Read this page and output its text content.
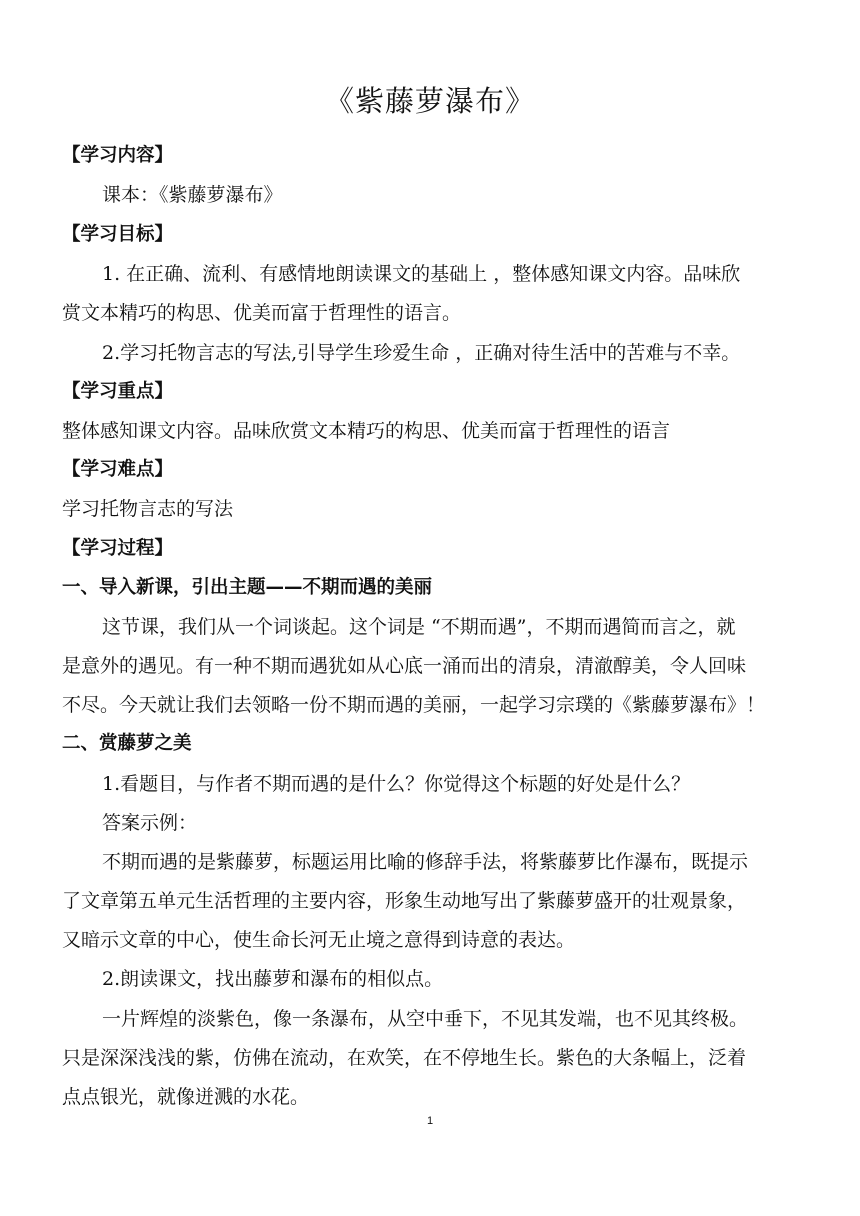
《紫藤萝瀑布》
【学习内容】
课本：《紫藤萝瀑布》
【学习目标】
1. 在正确、流利、有感情地朗读课文的基础上 ，整体感知课文内容。品味欣
赏文本精巧的构思、优美而富于哲理性的语言。
2.学习托物言志的写法,引导学生珍爱生命 ，正确对待生活中的苦难与不幸。
【学习重点】
整体感知课文内容。品味欣赏文本精巧的构思、优美而富于哲理性的语言
【学习难点】
学习托物言志的写法
【学习过程】
一、导入新课，引出主题——不期而遇的美丽
这节课，我们从一个词谈起。这个词是 “不期而遇”，不期而遇简而言之，就
是意外的遇见。有一种不期而遇犹如从心底一涌而出的清泉，清澈醇美，令人回味
不尽。今天就让我们去领略一份不期而遇的美丽，一起学习宗璞的《紫藤萝瀑布》！
二、赏藤萝之美
1.看题目，与作者不期而遇的是什么？你觉得这个标题的好处是什么？
答案示例：
不期而遇的是紫藤萝，标题运用比喻的修辞手法，将紫藤萝比作瀑布，既提示
了文章第五单元生活哲理的主要内容，形象生动地写出了紫藤萝盛开的壮观景象，
又暗示文章的中心，使生命长河无止境之意得到诗意的表达。
2.朗读课文，找出藤萝和瀑布的相似点。
一片辉煌的淡紫色，像一条瀑布，从空中垂下，不见其发端，也不见其终极。
只是深深浅浅的紫，仿佛在流动，在欢笑，在不停地生长。紫色的大条幅上，泛着
点点银光，就像迸溅的水花。
1
